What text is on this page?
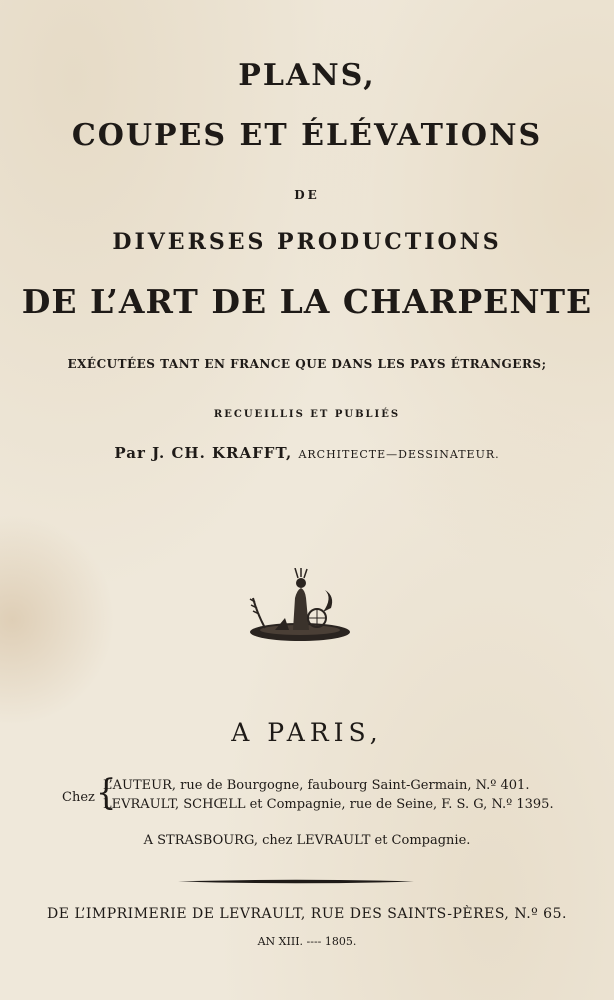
PLANS,
COUPES ET ÉLÉVATIONS
DE
DIVERSES PRODUCTIONS
DE L’ART DE LA CHARPENTE
EXÉCUTÉES TANT EN FRANCE QUE DANS LES PAYS ÉTRANGERS;
RECUEILLIS ET PUBLIÉS
Par J. CH. KRAFFT, ARCHITECTE—DESSINATEUR.
A PARIS,
Chez {
L’AUTEUR, rue de Bourgogne, faubourg Saint-Germain, N.º 401.
LEVRAULT, SCHŒLL et Compagnie, rue de Seine, F. S. G, N.º 1395.
A STRASBOURG, chez LEVRAULT et Compagnie.
DE L’IMPRIMERIE DE LEVRAULT, RUE DES SAINTS-PÈRES, N.º 65.
AN XIII. ---- 1805.
